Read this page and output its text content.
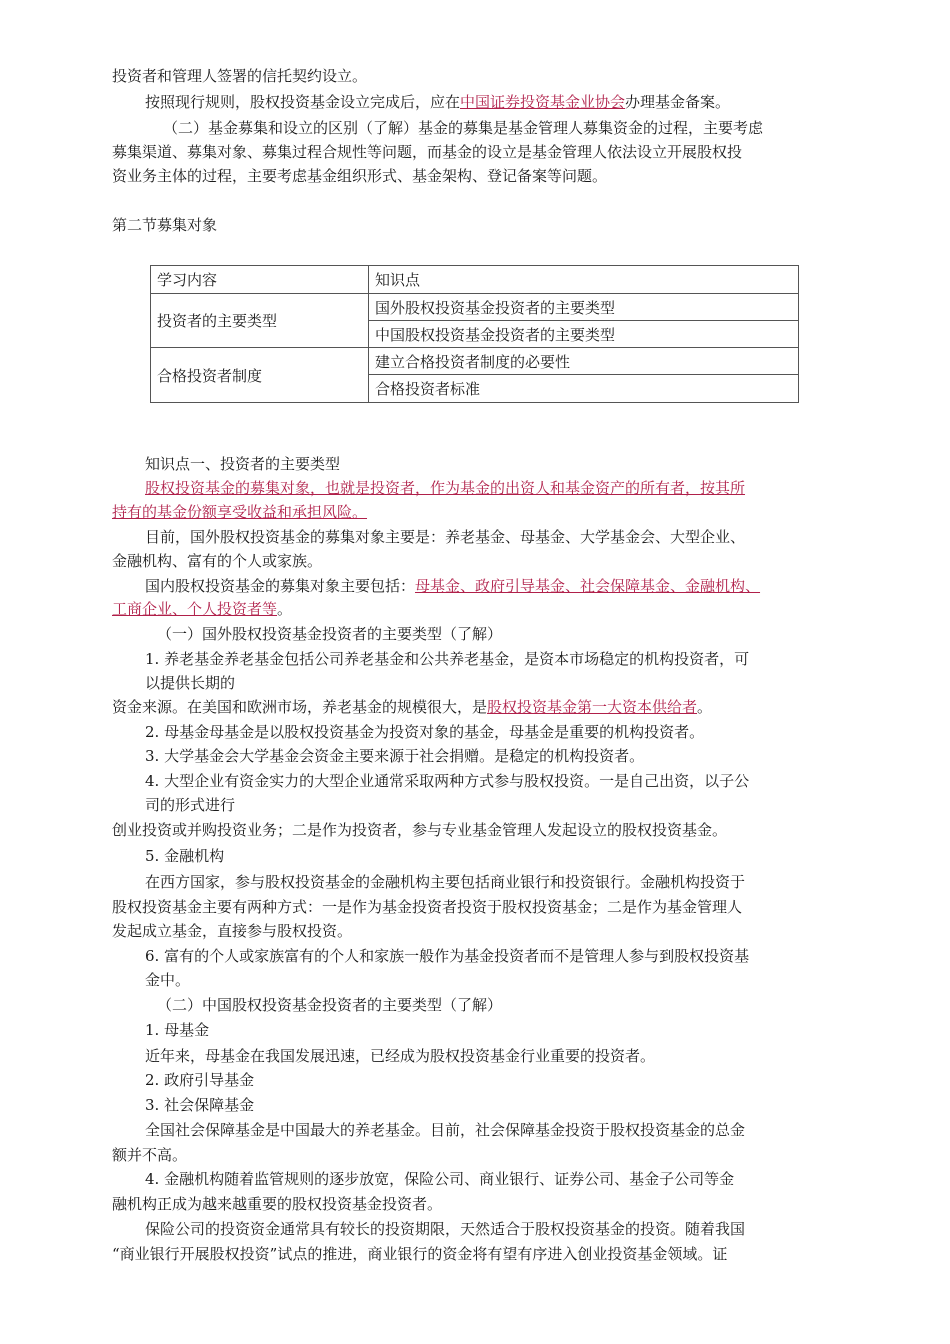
投资者和管理人签署的信托契约设立。
按照现行规则，股权投资基金设立完成后，应在中国证券投资基金业协会办理基金备案。
（二）基金募集和设立的区别（了解）基金的募集是基金管理人募集资金的过程，主要考虑
募集渠道、募集对象、募集过程合规性等问题，而基金的设立是基金管理人依法设立开展股权投
资业务主体的过程，主要考虑基金组织形式、基金架构、登记备案等问题。
第二节募集对象
学习内容	知识点
投资者的主要类型	国外股权投资基金投资者的主要类型
	中国股权投资基金投资者的主要类型
合格投资者制度	建立合格投资者制度的必要性
	合格投资者标准
知识点一、投资者的主要类型
股权投资基金的募集对象，也就是投资者，作为基金的出资人和基金资产的所有者，按其所
持有的基金份额享受收益和承担风险。
目前，国外股权投资基金的募集对象主要是：养老基金、母基金、大学基金会、大型企业、
金融机构、富有的个人或家族。
国内股权投资基金的募集对象主要包括：母基金、政府引导基金、社会保障基金、金融机构、
工商企业、个人投资者等。
（一）国外股权投资基金投资者的主要类型（了解）
1. 养老基金养老基金包括公司养老基金和公共养老基金，是资本市场稳定的机构投资者，可
以提供长期的
资金来源。在美国和欧洲市场，养老基金的规模很大，是股权投资基金第一大资本供给者。
2. 母基金母基金是以股权投资基金为投资对象的基金，母基金是重要的机构投资者。
3. 大学基金会大学基金会资金主要来源于社会捐赠。是稳定的机构投资者。
4. 大型企业有资金实力的大型企业通常采取两种方式参与股权投资。一是自己出资，以子公
司的形式进行
创业投资或并购投资业务；二是作为投资者，参与专业基金管理人发起设立的股权投资基金。
5. 金融机构
在西方国家，参与股权投资基金的金融机构主要包括商业银行和投资银行。金融机构投资于
股权投资基金主要有两种方式：一是作为基金投资者投资于股权投资基金；二是作为基金管理人
发起成立基金，直接参与股权投资。
6. 富有的个人或家族富有的个人和家族一般作为基金投资者而不是管理人参与到股权投资基
金中。
（二）中国股权投资基金投资者的主要类型（了解）
1. 母基金
近年来，母基金在我国发展迅速，已经成为股权投资基金行业重要的投资者。
2. 政府引导基金
3. 社会保障基金
全国社会保障基金是中国最大的养老基金。目前，社会保障基金投资于股权投资基金的总金
额并不高。
4. 金融机构随着监管规则的逐步放宽，保险公司、商业银行、证券公司、基金子公司等金
融机构正成为越来越重要的股权投资基金投资者。
保险公司的投资资金通常具有较长的投资期限，天然适合于股权投资基金的投资。随着我国
“商业银行开展股权投资”试点的推进，商业银行的资金将有望有序进入创业投资基金领域。证
